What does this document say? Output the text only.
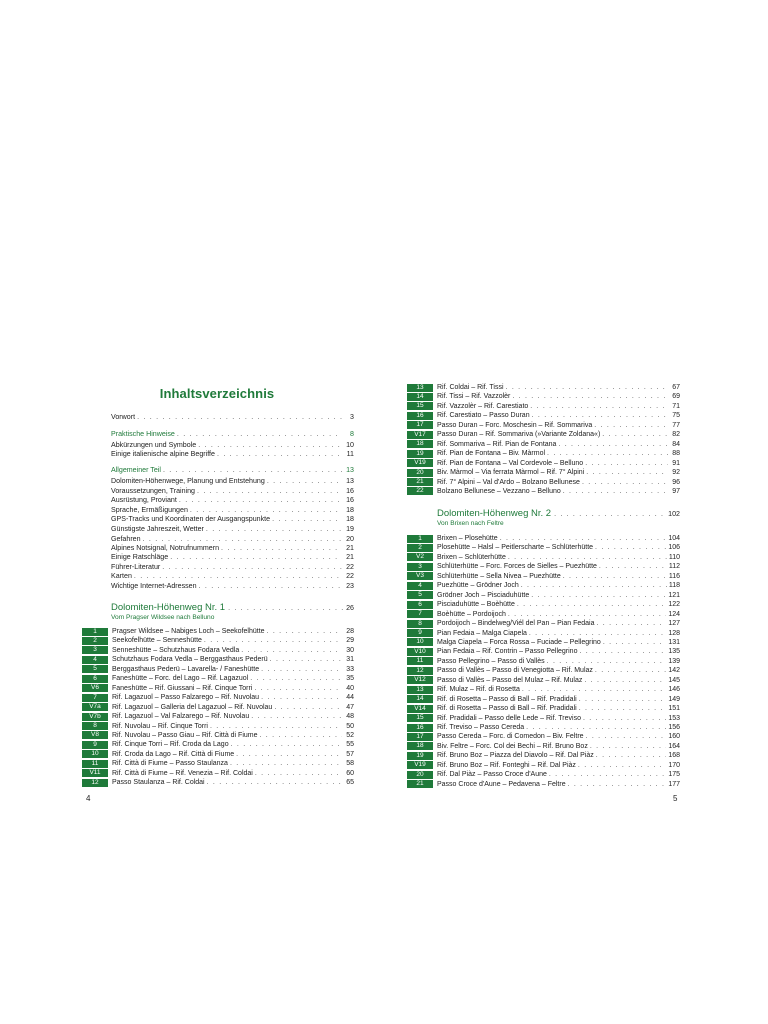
Inhaltsverzeichnis
4	5
Vorwort . . .	3
Praktische Hinweise . . .	8
Abkürzungen und Symbole . . .	10
Einige italienische alpine Begriffe . . .	11
Allgemeiner Teil . . .	13
Dolomiten-Höhenwege, Planung und Entstehung . . .	13
Voraussetzungen, Training . . .	16
Ausrüstung, Proviant . . .	16
Sprache, Ermäßigungen . . .	18
GPS-Tracks und Koordinaten der Ausgangspunkte . . .	18
Günstigste Jahreszeit, Wetter . . .	19
Gefahren . . .	20
Alpines Notsignal, Notrufnummern . . .	21
Einige Ratschläge . . .	21
Führer-Literatur . . .	22
Karten . . .	22
Wichtige Internet-Adressen . . .	23
Dolomiten-Höhenweg Nr. 1 . . .	26
Vom Pragser Wildsee nach Belluno
1	Pragser Wildsee – Nabiges Loch – Seekofelhütte . . .	28
2	Seekofelhütte – Senneshütte . . .	29
3	Senneshütte – Schutzhaus Fodara Vedla . . .	30
4	Schutzhaus Fodara Vedla – Berggasthaus Pederü . . .	31
5	Berggasthaus Pederü – Lavarella- / Faneshütte . . .	33
6	Faneshütte – Forc. del Lago – Rif. Lagazuol . . .	35
V6	Faneshütte – Rif. Giussani – Rif. Cinque Torri . . .	40
7	Rif. Lagazuol – Passo Falzarego – Rif. Nuvolau . . .	44
V7a	Rif. Lagazuol – Galleria del Lagazuol – Rif. Nuvolau . . .	47
V7b	Rif. Lagazuol – Val Falzarego – Rif. Nuvolau . . .	48
8	Rif. Nuvolau – Rif. Cinque Torri . . .	50
V8	Rif. Nuvolau – Passo Giau – Rif. Città di Fiume . . .	52
9	Rif. Cinque Torri – Rif. Croda da Lago . . .	55
10	Rif. Croda da Lago – Rif. Città di Fiume . . .	57
11	Rif. Città di Fiume – Passo Staulanza . . .	58
V11	Rif. Città di Fiume – Rif. Venezia – Rif. Coldai . . .	60
12	Passo Staulanza – Rif. Coldai . . .	65
13	Rif. Coldai – Rif. Tissi . . .	67
14	Rif. Tissi – Rif. Vazzolèr . . .	69
15	Rif. Vazzolèr – Rif. Carestiato . . .	71
16	Rif. Carestiato – Passo Duran . . .	75
17	Passo Duran – Forc. Moschesin – Rif. Sommariva . . .	77
V17	Passo Duran – Rif. Sommariva (»Variante Zoldana«) . . .	82
18	Rif. Sommariva – Rif. Pian de Fontana . . .	84
19	Rif. Pian de Fontana – Biv. Màrmol . . .	88
V19	Rif. Pian de Fontana – Val Cordevole – Belluno . . .	91
20	Biv. Màrmol – Via ferrata Màrmol – Rif. 7° Alpini . . .	92
21	Rif. 7° Alpini – Val d'Ardo – Bolzano Bellunese . . .	96
22	Bolzano Bellunese – Vezzano – Belluno . . .	97
Dolomiten-Höhenweg Nr. 2 . . .	102
Von Brixen nach Feltre
1	Brixen – Plosehütte . . .	104
2	Plosehütte – Halsl – Peitlerscharte – Schlüterhütte . . .	106
V2	Brixen – Schlüterhütte . . .	110
3	Schlüterhütte – Forc. Forces de Sielles – Puezhütte . . .	112
V3	Schlüterhütte – Sella Nivea – Puezhütte . . .	116
4	Puezhütte – Grödner Joch . . .	118
5	Grödner Joch – Pisciaduhütte . . .	121
6	Pisciaduhütte – Boèhütte . . .	122
7	Boèhütte – Pordoijoch . . .	124
8	Pordoijoch – Bindelweg/Viél del Pan – Pian Fedaia . . .	127
9	Pian Fedaia – Malga Ciapela . . .	128
10	Malga Ciapela – Forca Rossa – Fuciade – Pellegrino . . .	131
V10	Pian Fedaia – Rif. Contrin – Passo Pellegrino . . .	135
11	Passo Pellegrino – Passo di Vallès . . .	139
12	Passo di Vallès – Passo di Venegiotta – Rif. Mulaz . . .	142
V12	Passo di Vallès – Passo del Mulaz – Rif. Mulaz . . .	145
13	Rif. Mulaz – Rif. di Rosetta . . .	146
14	Rif. di Rosetta – Passo di Ball – Rif. Pradidali . . .	149
V14	Rif. di Rosetta – Passo di Ball – Rif. Pradidali . . .	151
15	Rif. Pradidali – Passo delle Lede – Rif. Treviso . . .	153
16	Rif. Treviso – Passo Cereda . . .	156
17	Passo Cereda – Forc. di Comedon – Biv. Feltre . . .	160
18	Biv. Feltre – Forc. Col dei Bechi – Rif. Bruno Boz . . .	164
19	Rif. Bruno Boz – Piazza del Diavolo – Rif. Dal Piàz . . .	168
V19	Rif. Bruno Boz – Rif. Fonteghi – Rif. Dal Piàz . . .	170
20	Rif. Dal Piàz – Passo Croce d'Aune . . .	175
21	Passo Croce d'Aune – Pedavena – Feltre . . .	177
